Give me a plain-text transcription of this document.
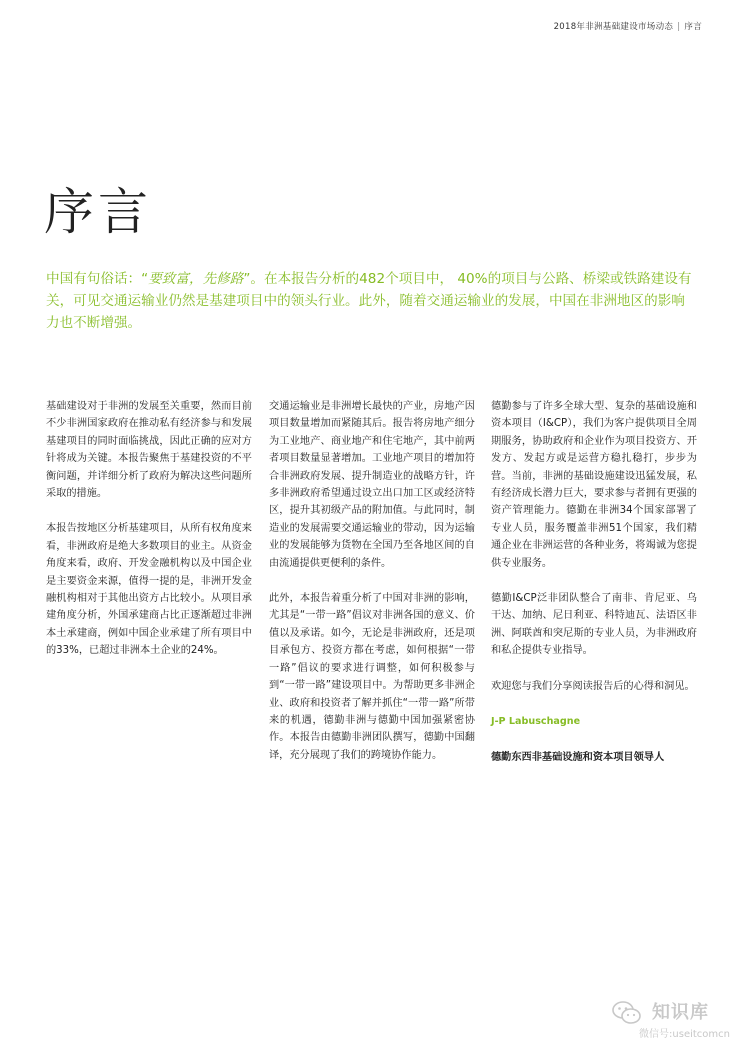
2018年非洲基础建设市场动态 | 序言
序言

中国有句俗话：“要致富，先修路”。在本报告分析的482个项目中， 40%的项目与公路、桥梁或铁路建设有关，可见交通运输业仍然是基建项目中的领头行业。此外，随着交通运输业的发展，中国在非洲地区的影响力也不断增强。

基础建设对于非洲的发展至关重要，然而目前不少非洲国家政府在推动私有经济参与和发展基建项目的同时面临挑战，因此正确的应对方针将成为关键。本报告聚焦于基建投资的不平衡问题，并详细分析了政府为解决这些问题所采取的措施。

本报告按地区分析基建项目，从所有权角度来看，非洲政府是绝大多数项目的业主。从资金角度来看，政府、开发金融机构以及中国企业是主要资金来源，值得一提的是，非洲开发金融机构相对于其他出资方占比较小。从项目承建角度分析，外国承建商占比正逐渐超过非洲本土承建商，例如中国企业承建了所有项目中的33%，已超过非洲本土企业的24%。

交通运输业是非洲增长最快的产业，房地产因项目数量增加而紧随其后。报告将房地产细分为工业地产、商业地产和住宅地产，其中前两者项目数量显著增加。工业地产项目的增加符合非洲政府发展、提升制造业的战略方针，许多非洲政府希望通过设立出口加工区或经济特区，提升其初级产品的附加值。与此同时，制造业的发展需要交通运输业的带动，因为运输业的发展能够为货物在全国乃至各地区间的自由流通提供更便利的条件。

此外，本报告着重分析了中国对非洲的影响，尤其是“一带一路”倡议对非洲各国的意义、价值以及承诺。如今，无论是非洲政府，还是项目承包方、投资方都在考虑，如何根据“一带一路”倡议的要求进行调整，如何积极参与到“一带一路”建设项目中。为帮助更多非洲企业、政府和投资者了解并抓住“一带一路”所带来的机遇，德勤非洲与德勤中国加强紧密协作。本报告由德勤非洲团队撰写，德勤中国翻译，充分展现了我们的跨境协作能力。

德勤参与了许多全球大型、复杂的基础设施和资本项目（I&CP），我们为客户提供项目全周期服务，协助政府和企业作为项目投资方、开发方、发起方或是运营方稳扎稳打，步步为营。当前，非洲的基础设施建设迅猛发展，私有经济成长潜力巨大，要求参与者拥有更强的资产管理能力。德勤在非洲34个国家部署了专业人员，服务覆盖非洲51个国家，我们精通企业在非洲运营的各种业务，将竭诚为您提供专业服务。

德勤I&CP泛非团队整合了南非、肯尼亚、乌干达、加纳、尼日利亚、科特迪瓦、法语区非洲、阿联酋和突尼斯的专业人员，为非洲政府和私企提供专业指导。

欢迎您与我们分享阅读报告后的心得和洞见。

J-P Labuschagne

德勤东西非基础设施和资本项目领导人

知识库
微信号:useitcomcn
